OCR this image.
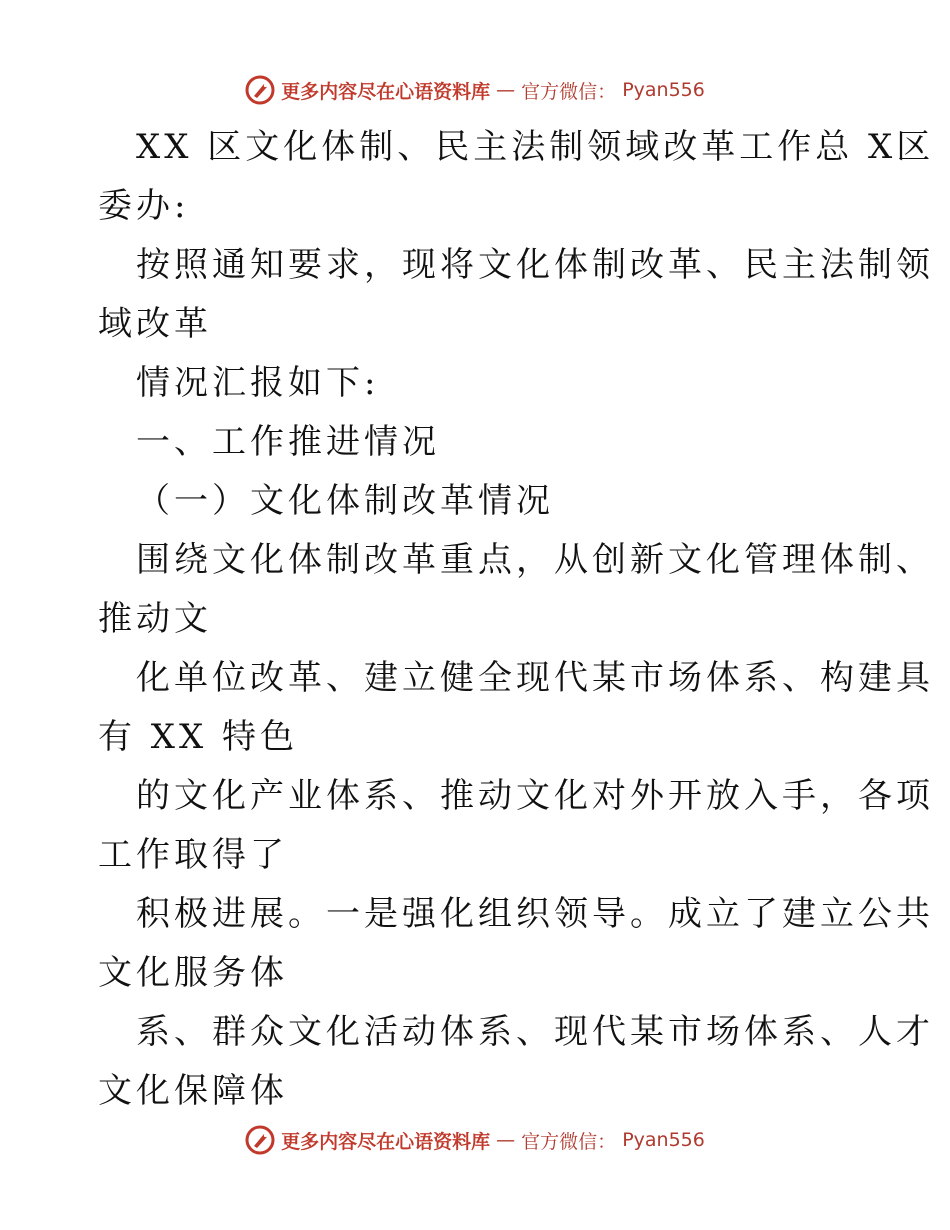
更多内容尽在心语资料库 — 官方微信： Pyan556
XX 区文化体制、民主法制领域改革工作总 X区
委办:
按照通知要求，现将文化体制改革、民主法制领
域改革
情况汇报如下:
一、工作推进情况
（一）文化体制改革情况
围绕文化体制改革重点，从创新文化管理体制、
推动文
化单位改革、建立健全现代某市场体系、构建具
有 XX 特色
的文化产业体系、推动文化对外开放入手，各项
工作取得了
积极进展。一是强化组织领导。成立了建立公共
文化服务体
系、群众文化活动体系、现代某市场体系、人才
文化保障体
更多内容尽在心语资料库 — 官方微信： Pyan556
